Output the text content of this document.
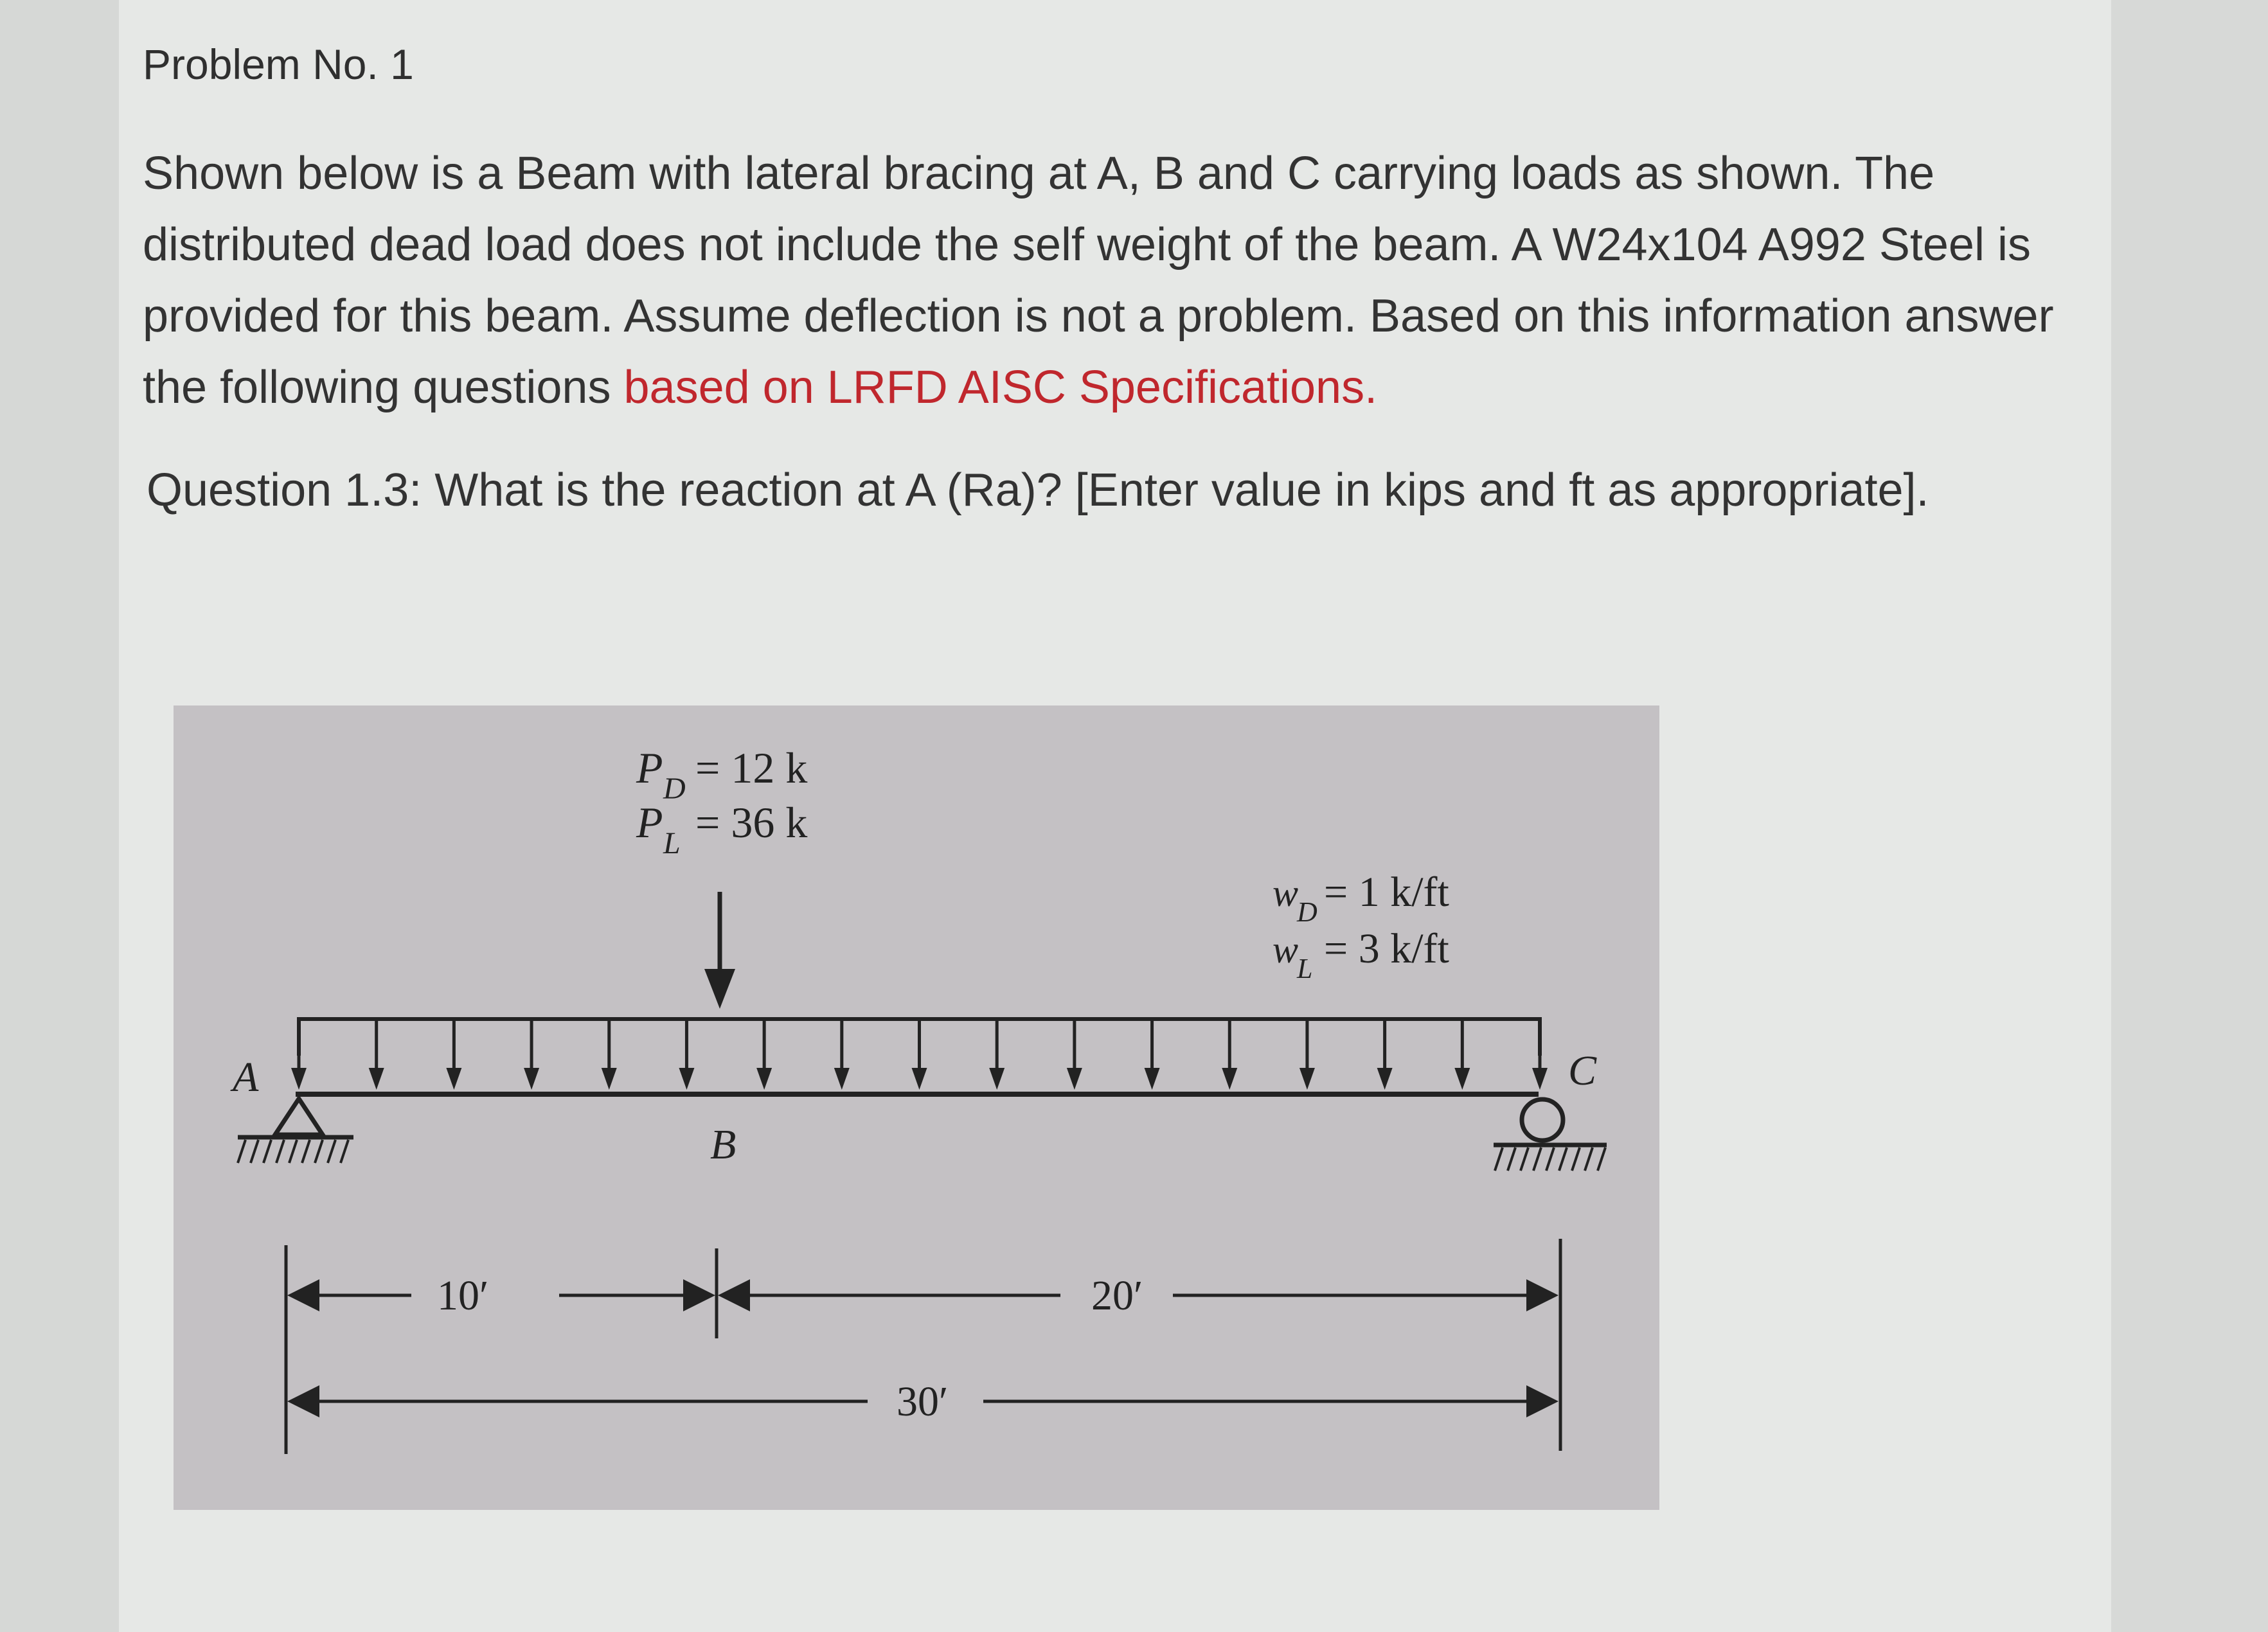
Problem No. 1
Shown below is a Beam with lateral bracing at A, B and C carrying loads as shown. The distributed dead load does not include the self weight of the beam. A W24x104 A992 Steel is provided for this beam. Assume deflection is not a problem. Based on this information answer the following questions based on LRFD AISC Specifications.
Question 1.3: What is the reaction at A (Ra)? [Enter value in kips and ft as appropriate].
P D = 12 k
P L = 36 k
w
D = 1 k/ft
w
L = 3 k/ft
A
B
C
10′	20′
30′
